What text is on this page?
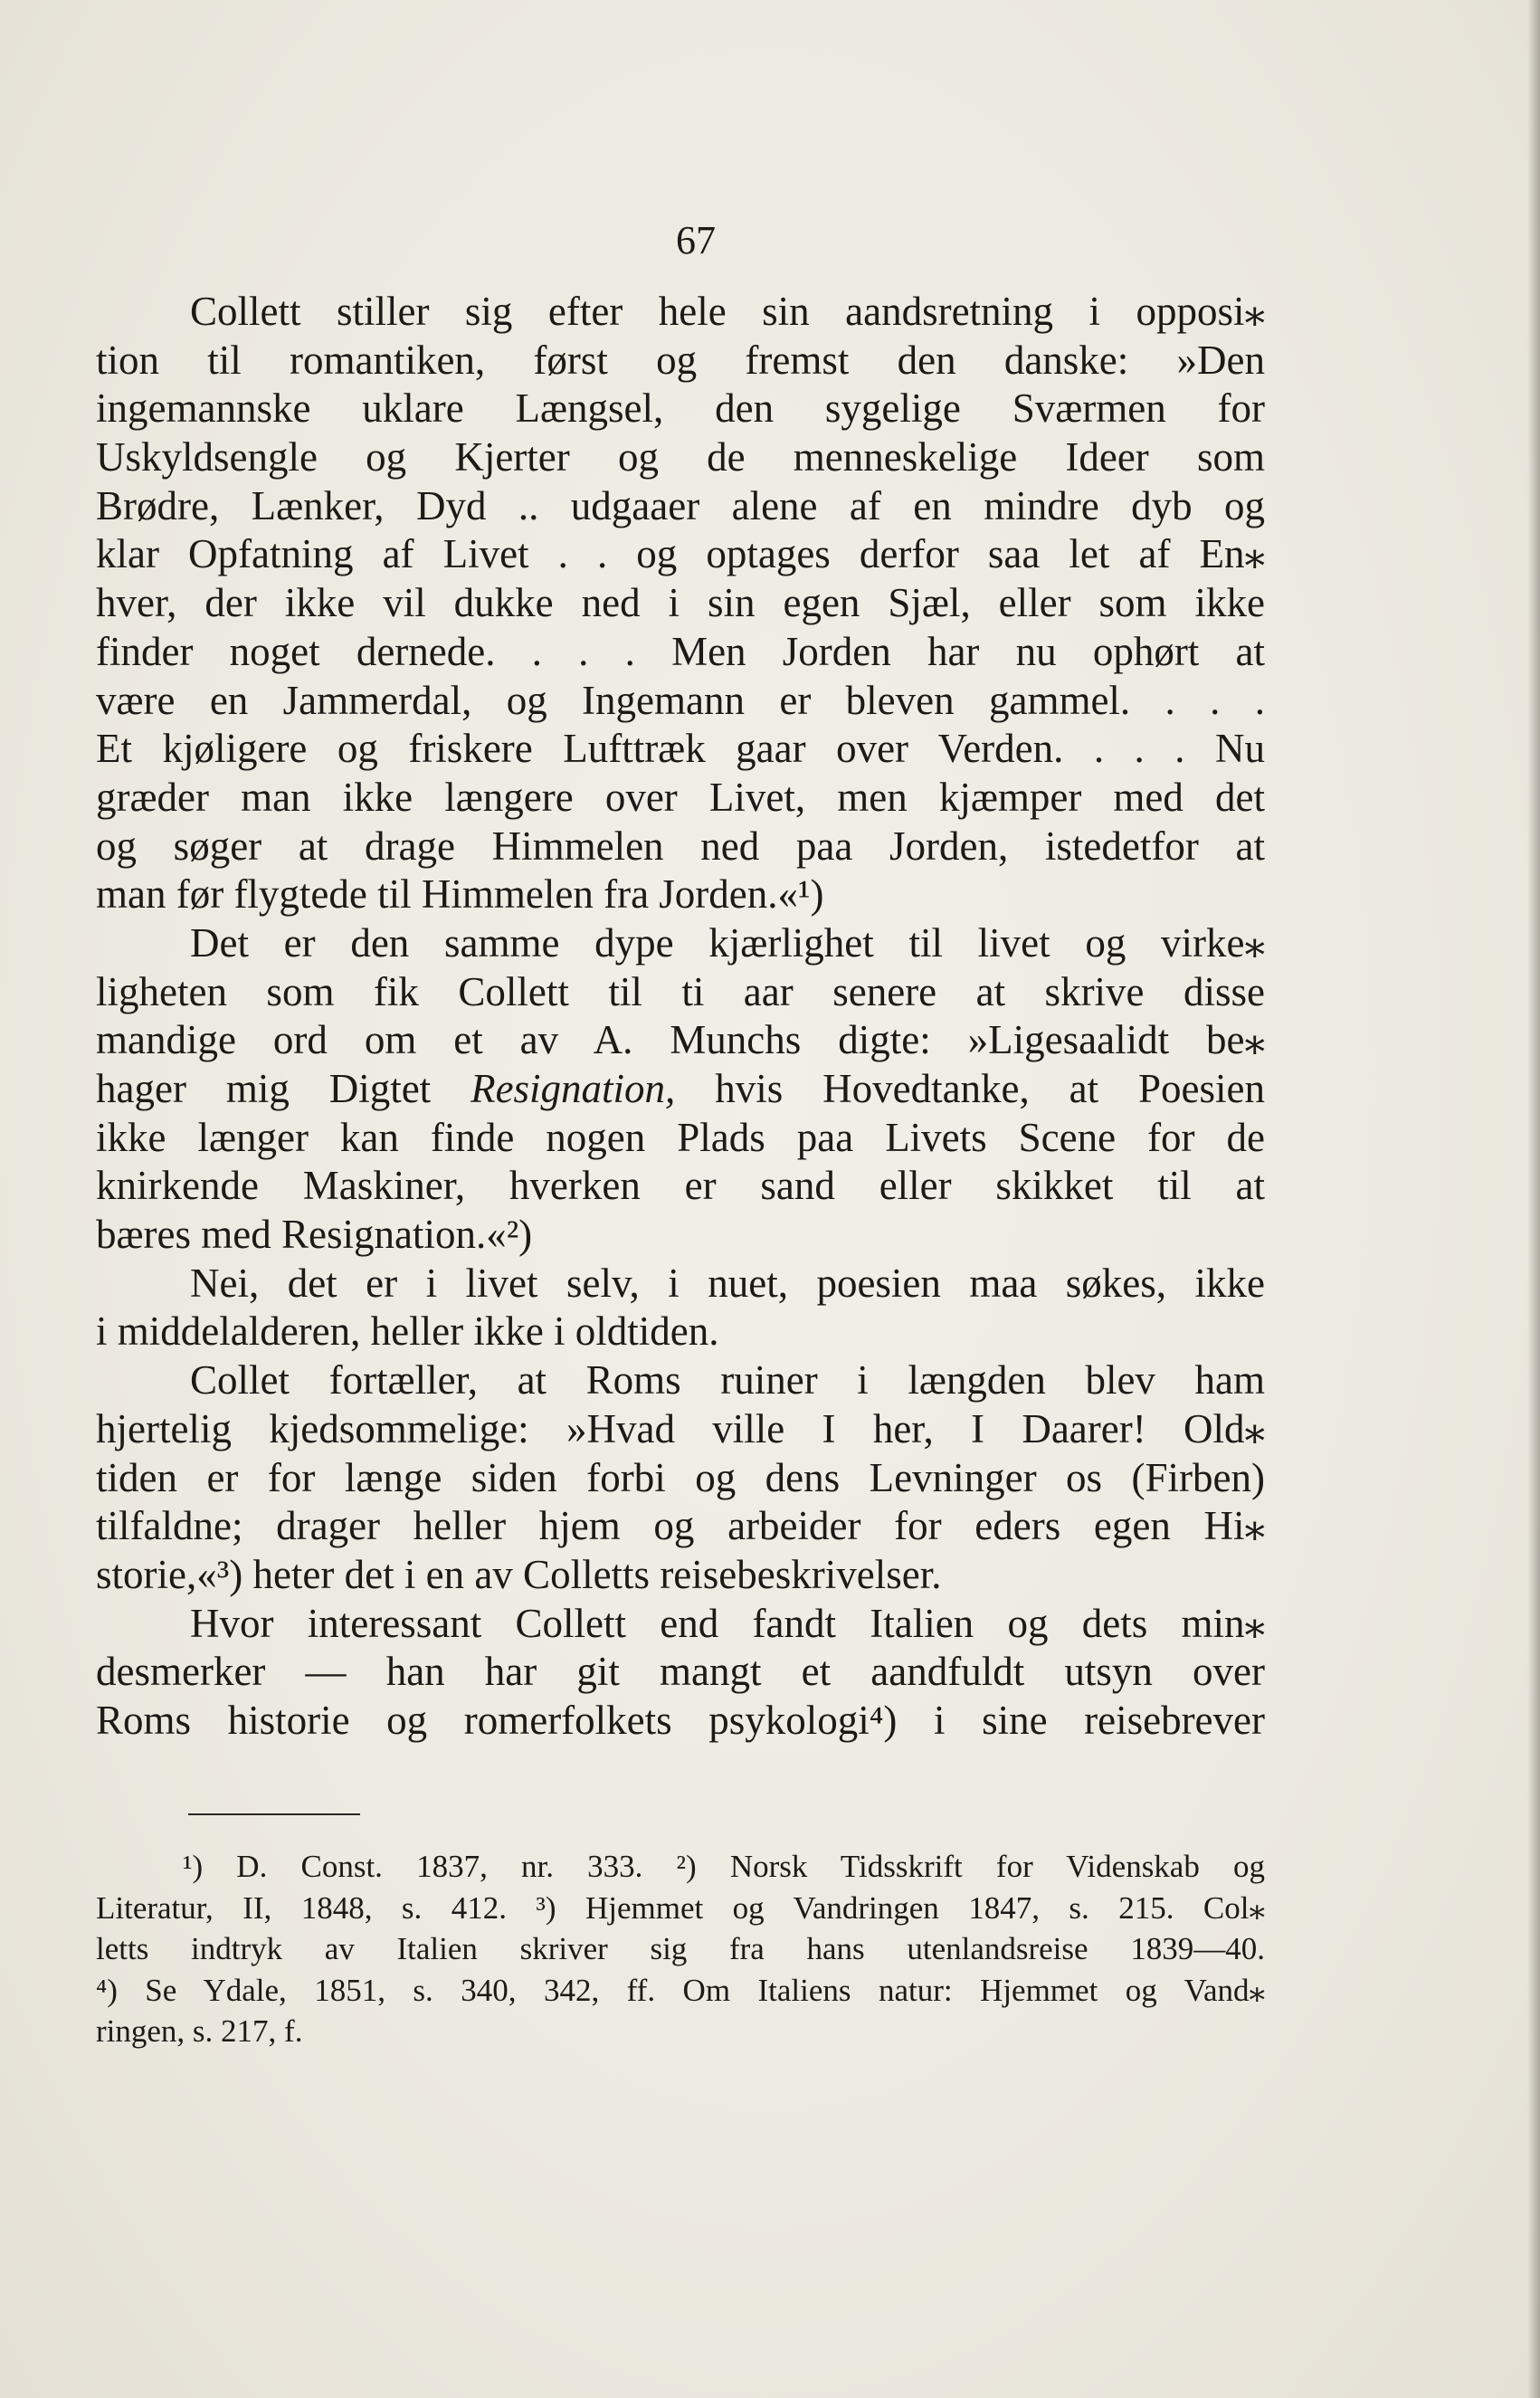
67
Collett stiller sig efter hele sin aandsretning i opposi⁎
tion til romantiken, først og fremst den danske: »Den
ingemannske uklare Længsel, den sygelige Sværmen for
Uskyldsengle og Kjerter og de menneskelige Ideer som
Brødre, Lænker, Dyd .. udgaaer alene af en mindre dyb og
klar Opfatning af Livet . . og optages derfor saa let af En⁎
hver, der ikke vil dukke ned i sin egen Sjæl, eller som ikke
finder noget dernede. . . . Men Jorden har nu ophørt at
være en Jammerdal, og Ingemann er bleven gammel. . . .
Et kjøligere og friskere Lufttræk gaar over Verden. . . . Nu
græder man ikke længere over Livet, men kjæmper med det
og søger at drage Himmelen ned paa Jorden, istedetfor at
man før flygtede til Himmelen fra Jorden.«¹)
Det er den samme dype kjærlighet til livet og virke⁎
ligheten som fik Collett til ti aar senere at skrive disse
mandige ord om et av A. Munchs digte: »Ligesaalidt be⁎
hager mig Digtet Resignation, hvis Hovedtanke, at Poesien
ikke længer kan finde nogen Plads paa Livets Scene for de
knirkende Maskiner, hverken er sand eller skikket til at
bæres med Resignation.«²)
Nei, det er i livet selv, i nuet, poesien maa søkes, ikke
i middelalderen, heller ikke i oldtiden.
Collet fortæller, at Roms ruiner i længden blev ham
hjertelig kjedsommelige: »Hvad ville I her, I Daarer! Old⁎
tiden er for længe siden forbi og dens Levninger os (Firben)
tilfaldne; drager heller hjem og arbeider for eders egen Hi⁎
storie,«³) heter det i en av Colletts reisebeskrivelser.
Hvor interessant Collett end fandt Italien og dets min⁎
desmerker — han har git mangt et aandfuldt utsyn over
Roms historie og romerfolkets psykologi⁴) i sine reisebrever
¹) D. Const. 1837, nr. 333. ²) Norsk Tidsskrift for Videnskab og
Literatur, II, 1848, s. 412. ³) Hjemmet og Vandringen 1847, s. 215. Col⁎
letts indtryk av Italien skriver sig fra hans utenlandsreise 1839—40.
⁴) Se Ydale, 1851, s. 340, 342, ff. Om Italiens natur: Hjemmet og Vand⁎
ringen, s. 217, f.
